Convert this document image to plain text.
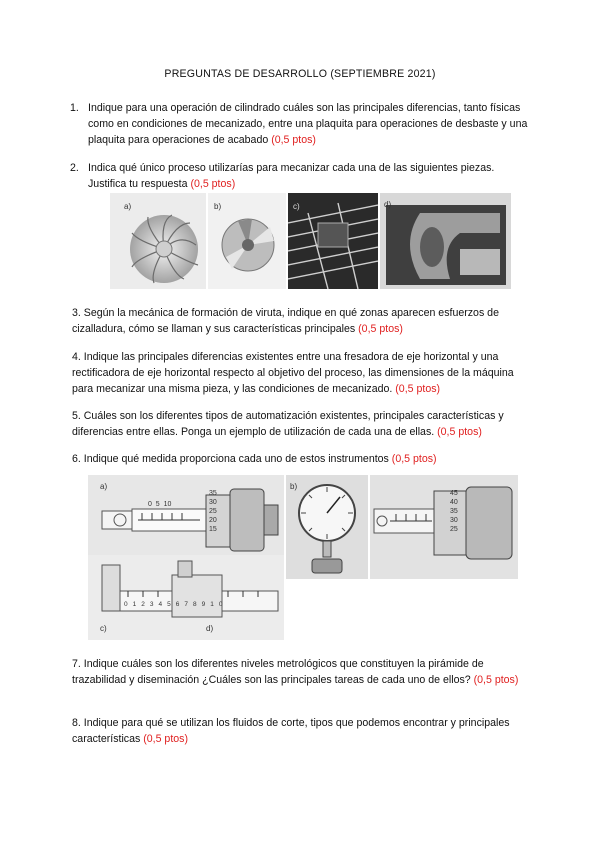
PREGUNTAS DE DESARROLLO (SEPTIEMBRE 2021)
1. Indique para una operación de cilindrado cuáles son las principales diferencias, tanto físicas como en condiciones de mecanizado, entre una plaquita para operaciones de desbaste y una plaquita para operaciones de acabado (0,5 ptos)
2. Indica qué único proceso utilizarías para mecanizar cada una de las siguientes piezas. Justifica tu respuesta (0,5 ptos)
a)	b)	c)	d)
3. Según la mecánica de formación de viruta, indique en qué zonas aparecen esfuerzos de cizalladura, cómo se llaman y sus características principales (0,5 ptos)
4. Indique las principales diferencias existentes entre una fresadora de eje horizontal y una rectificadora de eje horizontal respecto al objetivo del proceso, las dimensiones de la máquina para mecanizar una misma pieza, y las condiciones de mecanizado. (0,5 ptos)
5. Cuáles son los diferentes tipos de automatización existentes, principales características y diferencias entre ellas. Ponga un ejemplo de utilización de cada una de ellas. (0,5 ptos)
6. Indique qué medida proporciona cada uno de estos instrumentos (0,5 ptos)
a)
0 5 10
35
30
25
20
15
c)
012345678910
d)
b)
45
40
35
30
25
7. Indique cuáles son los diferentes niveles metrológicos que constituyen la pirámide de trazabilidad y diseminación ¿Cuáles son las principales tareas de cada uno de ellos? (0,5 ptos)
8. Indique para qué se utilizan los fluidos de corte, tipos que podemos encontrar y principales características (0,5 ptos)
